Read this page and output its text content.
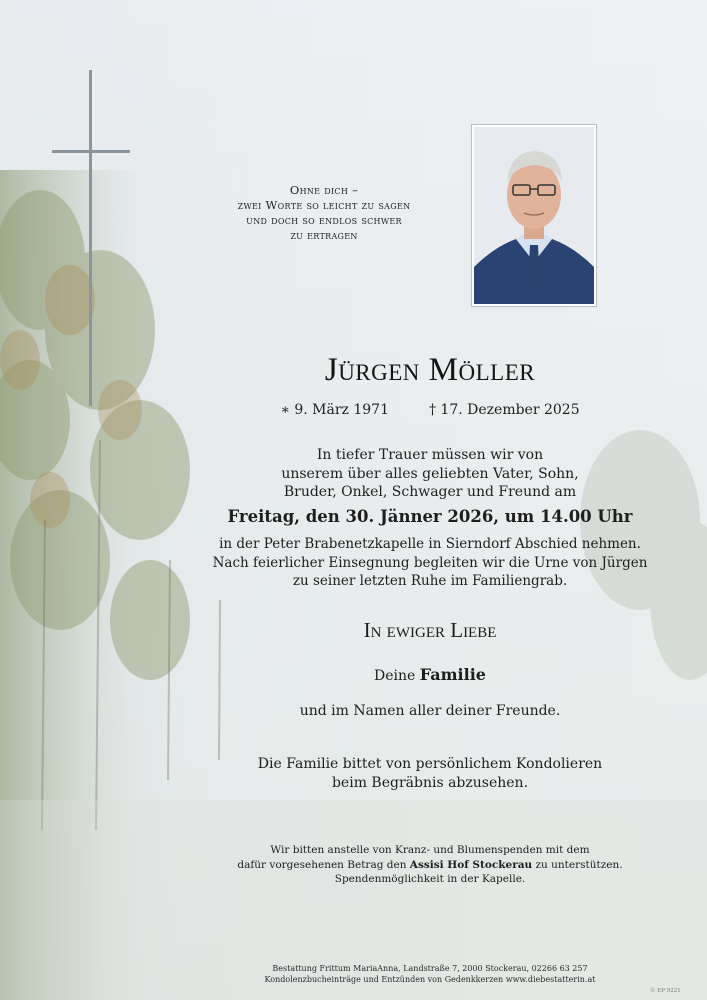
Ohne dich –
zwei Worte so leicht zu sagen
und doch so endlos schwer
zu ertragen
Jürgen Möller
∗ 9. März 1971	† 17. Dezember 2025
In tiefer Trauer müssen wir von
unserem über alles geliebten Vater, Sohn,
Bruder, Onkel, Schwager und Freund am
Freitag, den 30. Jänner 2026, um 14.00 Uhr
in der Peter Brabenetzkapelle in Sierndorf Abschied nehmen.
Nach feierlicher Einsegnung begleiten wir die Urne von Jürgen
zu seiner letzten Ruhe im Familiengrab.
In ewiger Liebe
Deine Familie
und im Namen aller deiner Freunde.
Die Familie bittet von persönlichem Kondolieren
beim Begräbnis abzusehen.
Wir bitten anstelle von Kranz- und Blumenspenden mit dem
dafür vorgesehenen Betrag den Assisi Hof Stockerau zu unterstützen.
Spendenmöglichkeit in der Kapelle.
Bestattung Frittum MariaAnna, Landstraße 7, 2000 Stockerau, 02266 63 257
Kondolenzbucheinträge und Entzünden von Gedenkkerzen www.diebestatterin.at
© EP 9221
